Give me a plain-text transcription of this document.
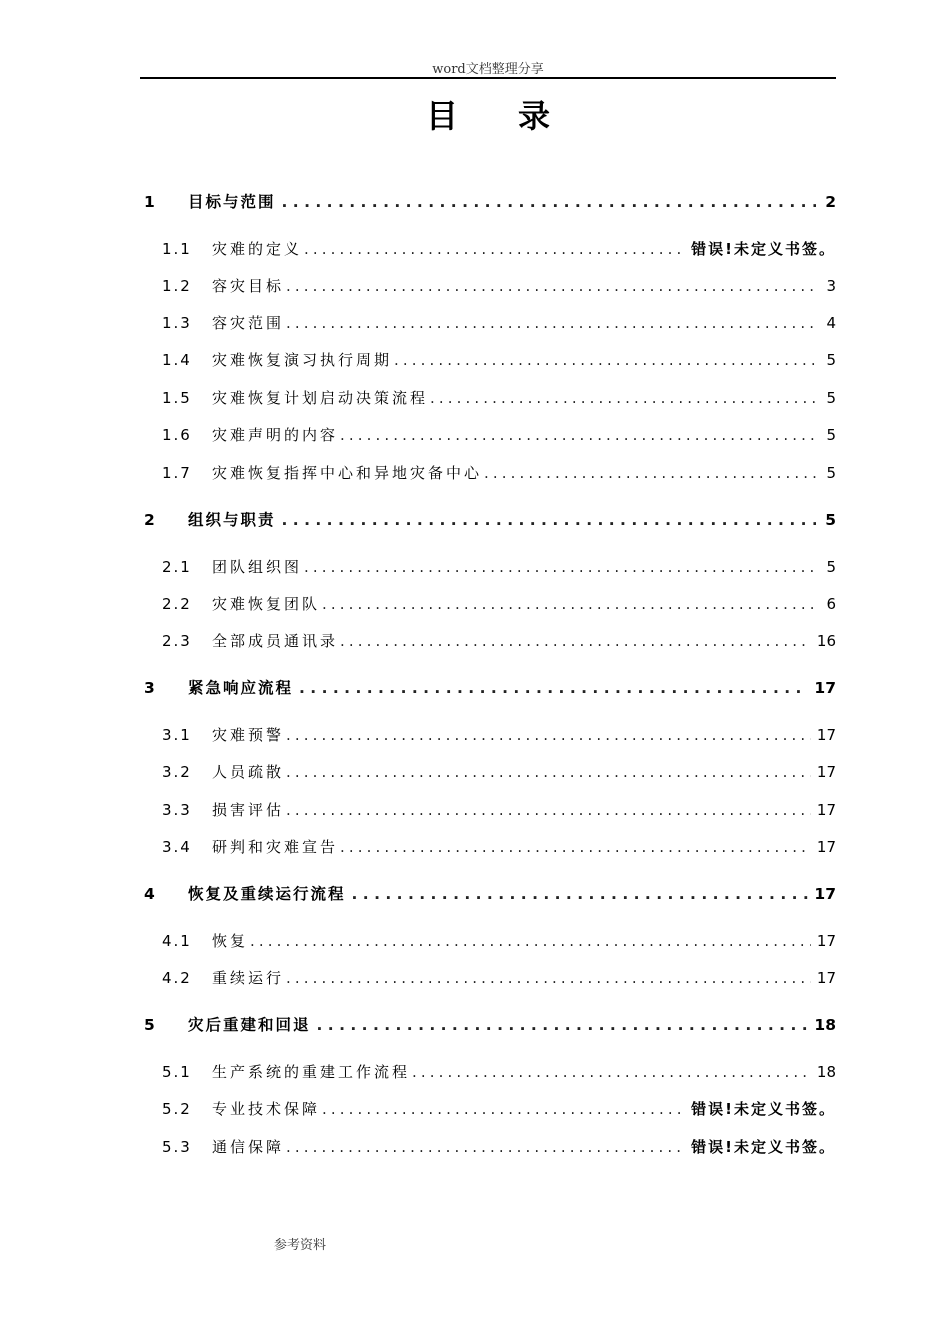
word文档整理分享
目录
1	目标与范围 . . .	2
1.1	灾难的定义 .....	错误!未定义书签。
1.2	容灾目标 .....	3
1.3	容灾范围 .....	4
1.4	灾难恢复演习执行周期 .....	5
1.5	灾难恢复计划启动决策流程 .....	5
1.6	灾难声明的内容 .....	5
1.7	灾难恢复指挥中心和异地灾备中心 .....	5
2	组织与职责 . . .	5
2.1	团队组织图 .....	5
2.2	灾难恢复团队 .....	6
2.3	全部成员通讯录 .....	16
3	紧急响应流程 . . .	17
3.1	灾难预警 .....	17
3.2	人员疏散 .....	17
3.3	损害评估 .....	17
3.4	研判和灾难宣告 .....	17
4	恢复及重续运行流程 . . .	17
4.1	恢复 .....	17
4.2	重续运行 .....	17
5	灾后重建和回退 . . .	18
5.1	生产系统的重建工作流程 .....	18
5.2	专业技术保障 .....	错误!未定义书签。
5.3	通信保障 .....	错误!未定义书签。
参考资料
